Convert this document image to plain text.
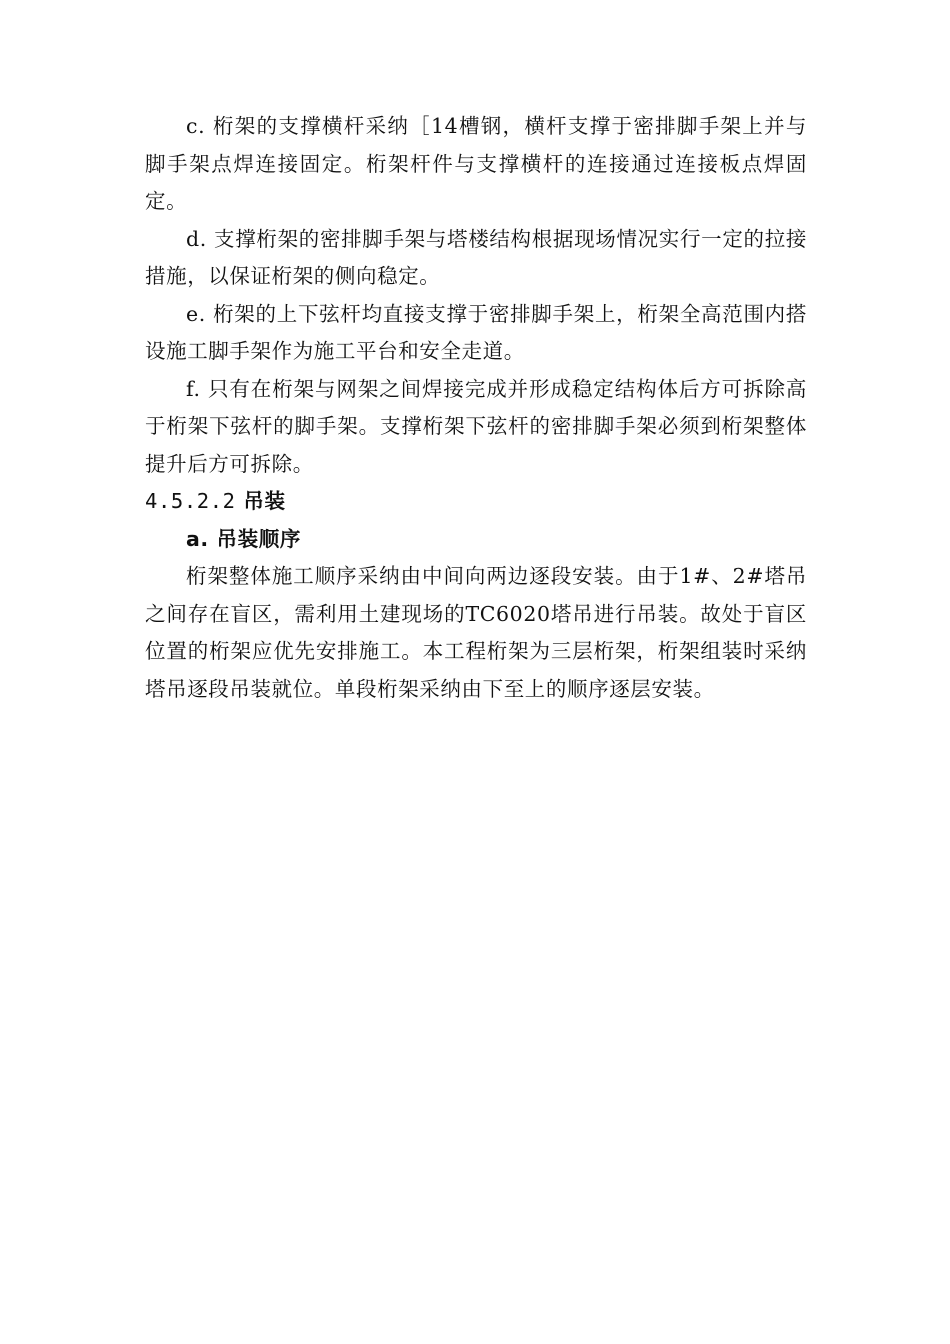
c. 桁架的支撑横杆采纳［14槽钢，横杆支撑于密排脚手架上并与脚手架点焊连接固定。桁架杆件与支撑横杆的连接通过连接板点焊固定。

d. 支撑桁架的密排脚手架与塔楼结构根据现场情况实行一定的拉接措施，以保证桁架的侧向稳定。

e. 桁架的上下弦杆均直接支撑于密排脚手架上，桁架全高范围内搭设施工脚手架作为施工平台和安全走道。

f. 只有在桁架与网架之间焊接完成并形成稳定结构体后方可拆除高于桁架下弦杆的脚手架。支撑桁架下弦杆的密排脚手架必须到桁架整体提升后方可拆除。

4.5.2.2 吊装

a. 吊装顺序

桁架整体施工顺序采纳由中间向两边逐段安装。由于1#、2#塔吊之间存在盲区，需利用土建现场的TC6020塔吊进行吊装。故处于盲区位置的桁架应优先安排施工。本工程桁架为三层桁架，桁架组装时采纳塔吊逐段吊装就位。单段桁架采纳由下至上的顺序逐层安装。
